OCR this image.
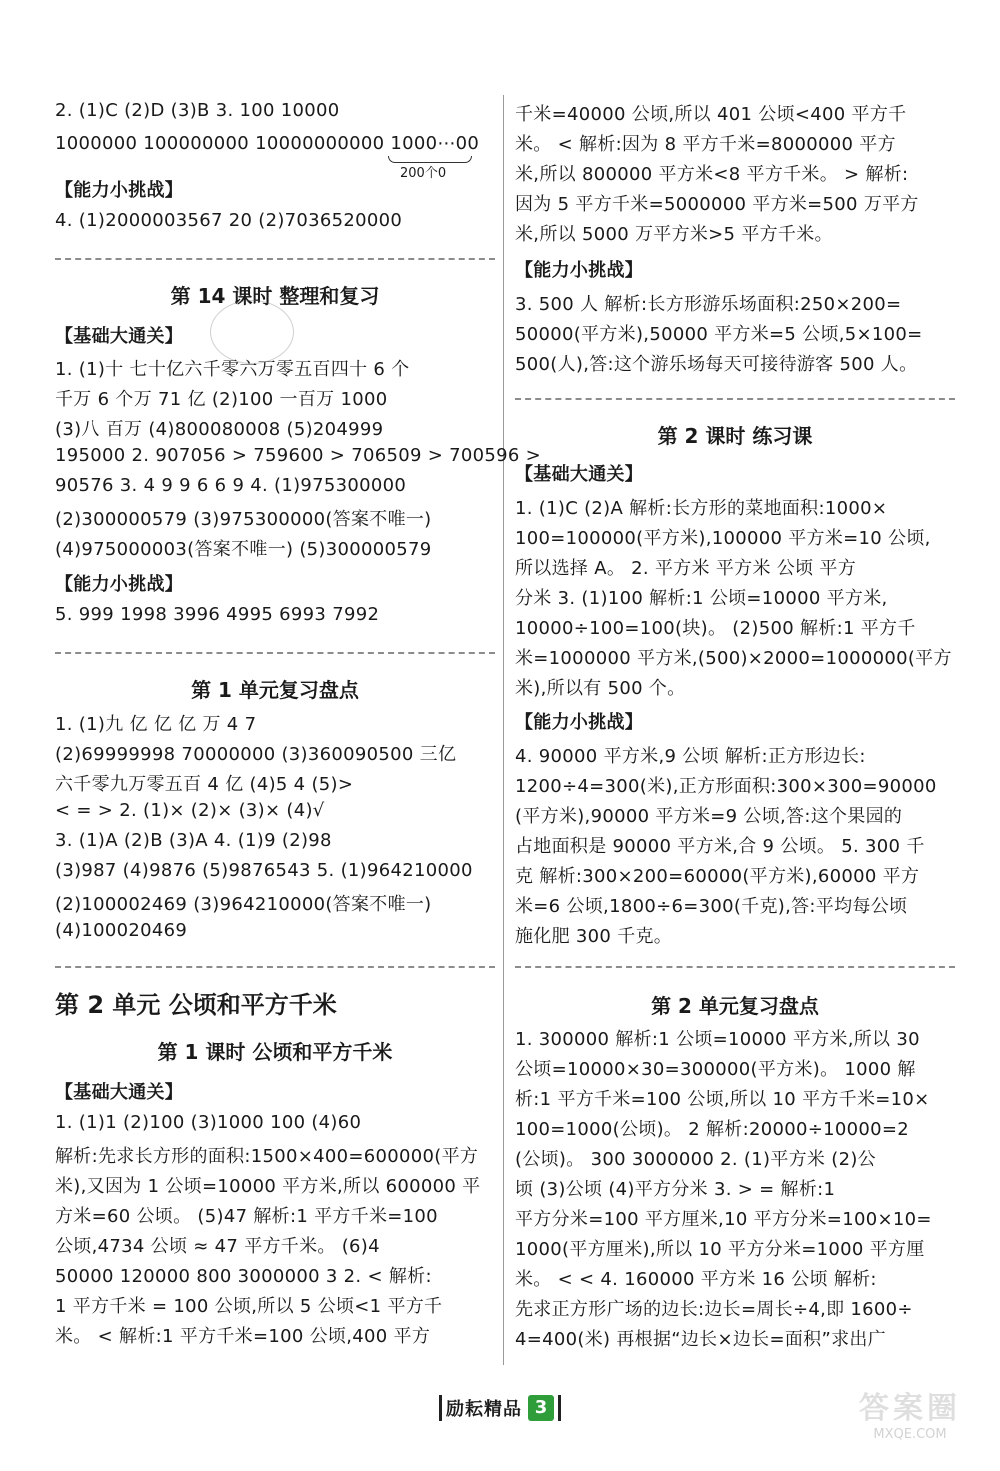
2. (1)C (2)D (3)B 3. 100 10000
1000000 100000000 10000000000 1000⋯00
200个0
【能力小挑战】
4. (1)2000003567 20 (2)7036520000
第 14 课时 整理和复习
【基础大通关】
1. (1)十 七十亿六千零六万零五百四十 6 个
千万 6 个万 71 亿 (2)100 一百万 1000
(3)八 百万 (4)800080008 (5)204999
195000 2. 907056 > 759600 > 706509 > 700596 >
90576 3. 4 9 9 6 6 9 4. (1)975300000
(2)300000579 (3)975300000(答案不唯一)
(4)975000003(答案不唯一) (5)300000579
【能力小挑战】
5. 999 1998 3996 4995 6993 7992
第 1 单元复习盘点
1. (1)九 亿 亿 亿 万 4 7
(2)69999998 70000000 (3)360090500 三亿
六千零九万零五百 4 亿 (4)5 4 (5)>
< = > 2. (1)× (2)× (3)× (4)√
3. (1)A (2)B (3)A 4. (1)9 (2)98
(3)987 (4)9876 (5)9876543 5. (1)964210000
(2)100002469 (3)964210000(答案不唯一)
(4)100020469
第 2 单元 公顷和平方千米
第 1 课时 公顷和平方千米
【基础大通关】
1. (1)1 (2)100 (3)1000 100 (4)60
解析:先求长方形的面积:1500×400=600000(平方
米),又因为 1 公顷=10000 平方米,所以 600000 平
方米=60 公顷。 (5)47 解析:1 平方千米=100
公顷,4734 公顷 ≈ 47 平方千米。 (6)4
50000 120000 800 3000000 3 2. < 解析:
1 平方千米 = 100 公顷,所以 5 公顷<1 平方千
米。 < 解析:1 平方千米=100 公顷,400 平方
千米=40000 公顷,所以 401 公顷<400 平方千
米。 < 解析:因为 8 平方千米=8000000 平方
米,所以 800000 平方米<8 平方千米。 > 解析:
因为 5 平方千米=5000000 平方米=500 万平方
米,所以 5000 万平方米>5 平方千米。
【能力小挑战】
3. 500 人 解析:长方形游乐场面积:250×200=
50000(平方米),50000 平方米=5 公顷,5×100=
500(人),答:这个游乐场每天可接待游客 500 人。
第 2 课时 练习课
【基础大通关】
1. (1)C (2)A 解析:长方形的菜地面积:1000×
100=100000(平方米),100000 平方米=10 公顷,
所以选择 A。 2. 平方米 平方米 公顷 平方
分米 3. (1)100 解析:1 公顷=10000 平方米,
10000÷100=100(块)。 (2)500 解析:1 平方千
米=1000000 平方米,(500)×2000=1000000(平方
米),所以有 500 个。
【能力小挑战】
4. 90000 平方米,9 公顷 解析:正方形边长:
1200÷4=300(米),正方形面积:300×300=90000
(平方米),90000 平方米=9 公顷,答:这个果园的
占地面积是 90000 平方米,合 9 公顷。 5. 300 千
克 解析:300×200=60000(平方米),60000 平方
米=6 公顷,1800÷6=300(千克),答:平均每公顷
施化肥 300 千克。
第 2 单元复习盘点
1. 300000 解析:1 公顷=10000 平方米,所以 30
公顷=10000×30=300000(平方米)。 1000 解
析:1 平方千米=100 公顷,所以 10 平方千米=10×
100=1000(公顷)。 2 解析:20000÷10000=2
(公顷)。 300 3000000 2. (1)平方米 (2)公
顷 (3)公顷 (4)平方分米 3. > = 解析:1
平方分米=100 平方厘米,10 平方分米=100×10=
1000(平方厘米),所以 10 平方分米=1000 平方厘
米。 < < 4. 160000 平方米 16 公顷 解析:
先求正方形广场的边长:边长=周长÷4,即 1600÷
4=400(米) 再根据“边长×边长=面积”求出广
励耘精品 3	答案圈
MXQE.COM
